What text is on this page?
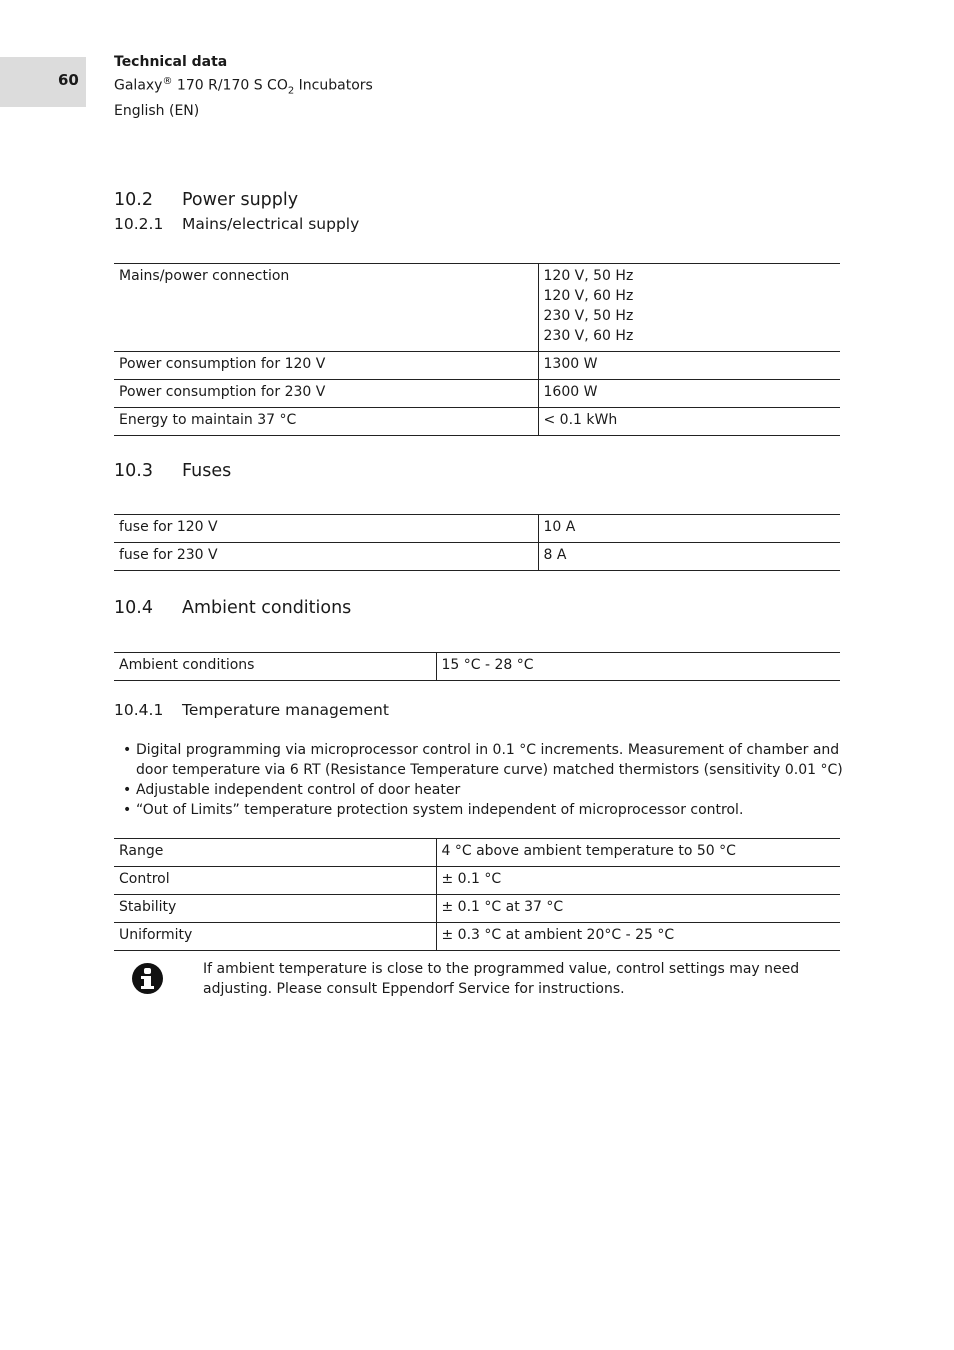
60
Technical data
Galaxy® 170 R/170 S $CO_2$ Incubators
English (EN)
10.2 Power supply
10.2.1 Mains/electrical supply
Mains/power connection	120 V, 50 Hz
120 V, 60 Hz
230 V, 50 Hz
230 V, 60 Hz

Power consumption for 120 V	1300 W
Power consumption for 230 V	1600 W
Energy to maintain 37 °C	< 0.1 kWh
10.3 Fuses
fuse for 120 V	10 A
fuse for 230 V	8 A
10.4 Ambient conditions
Ambient conditions	15 °C - 28 °C
10.4.1 Temperature management
• Digital programming via microprocessor control in 0.1 °C increments. Measurement of chamber and door temperature via 6 RT (Resistance Temperature curve) matched thermistors (sensitivity 0.01 °C)
• Adjustable independent control of door heater
• “Out of Limits” temperature protection system independent of microprocessor control.
Range	4 °C above ambient temperature to 50 °C
Control	± 0.1 °C
Stability	± 0.1 °C at 37 °C
Uniformity	± 0.3 °C at ambient 20°C - 25 °C
If ambient temperature is close to the programmed value, control settings may need adjusting. Please consult Eppendorf Service for instructions.
